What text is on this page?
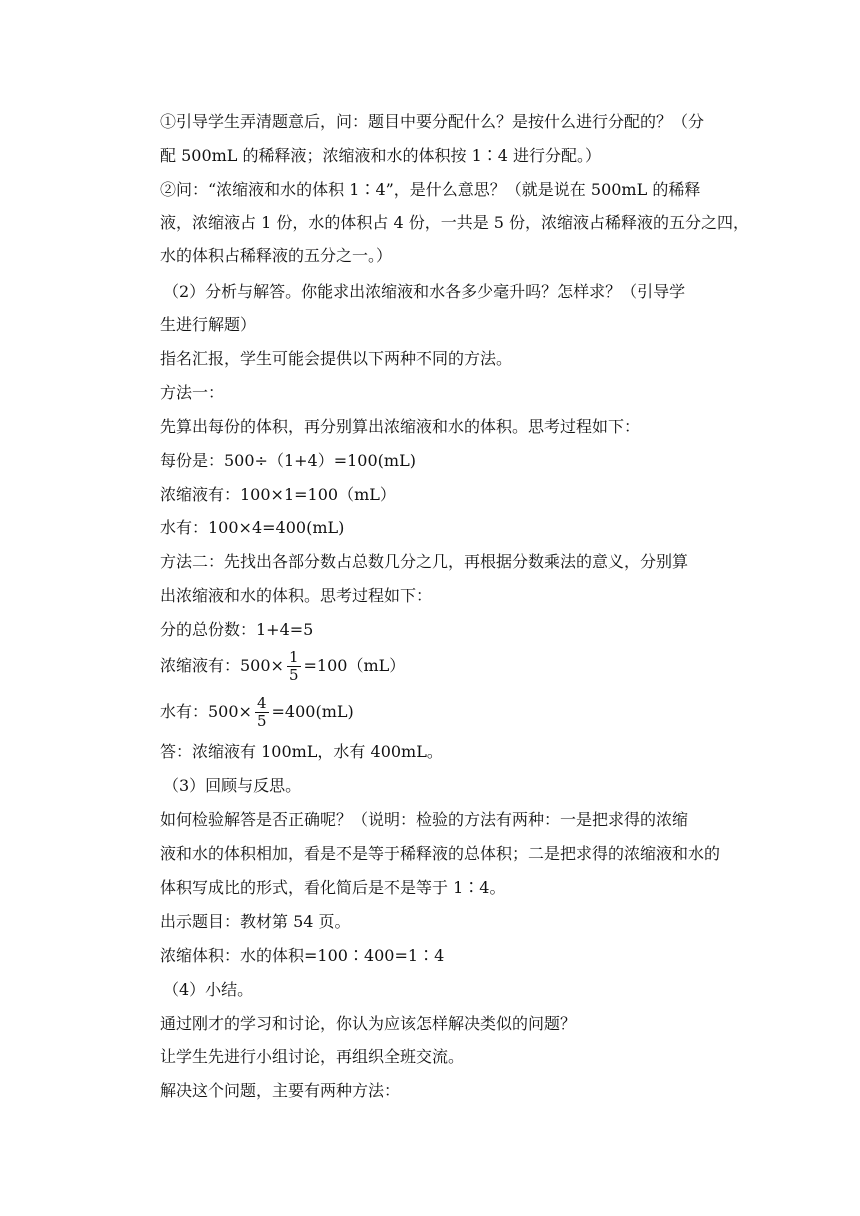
①引导学生弄清题意后，问：题目中要分配什么？是按什么进行分配的？（分
配 500mL 的稀释液；浓缩液和水的体积按 1∶4 进行分配。）
②问：“浓缩液和水的体积 1∶4”，是什么意思？（就是说在 500mL 的稀释
液，浓缩液占 1 份，水的体积占 4 份，一共是 5 份，浓缩液占稀释液的五分之四，
水的体积占稀释液的五分之一。）
（2）分析与解答。你能求出浓缩液和水各多少毫升吗？怎样求？（引导学
生进行解题）
指名汇报，学生可能会提供以下两种不同的方法。
方法一：
先算出每份的体积，再分别算出浓缩液和水的体积。思考过程如下：
每份是：500÷（1+4）=100(mL)
浓缩液有：100×1=100（mL）
水有：100×4=400(mL)
方法二：先找出各部分数占总数几分之几，再根据分数乘法的意义，分别算
出浓缩液和水的体积。思考过程如下：
分的总份数：1+4=5
浓缩液有：$500\times \frac{1}{5} =100(mL)$
水有：$500\times \frac{4}{5} =400(mL)$
答：浓缩液有 100mL，水有 400mL。
（3）回顾与反思。
如何检验解答是否正确呢？（说明：检验的方法有两种：一是把求得的浓缩
液和水的体积相加，看是不是等于稀释液的总体积；二是把求得的浓缩液和水的
体积写成比的形式，看化简后是不是等于 1∶4。
出示题目：教材第 54 页。
浓缩体积：水的体积=100∶400=1∶4
（4）小结。
通过刚才的学习和讨论，你认为应该怎样解决类似的问题？
让学生先进行小组讨论，再组织全班交流。
解决这个问题，主要有两种方法：
